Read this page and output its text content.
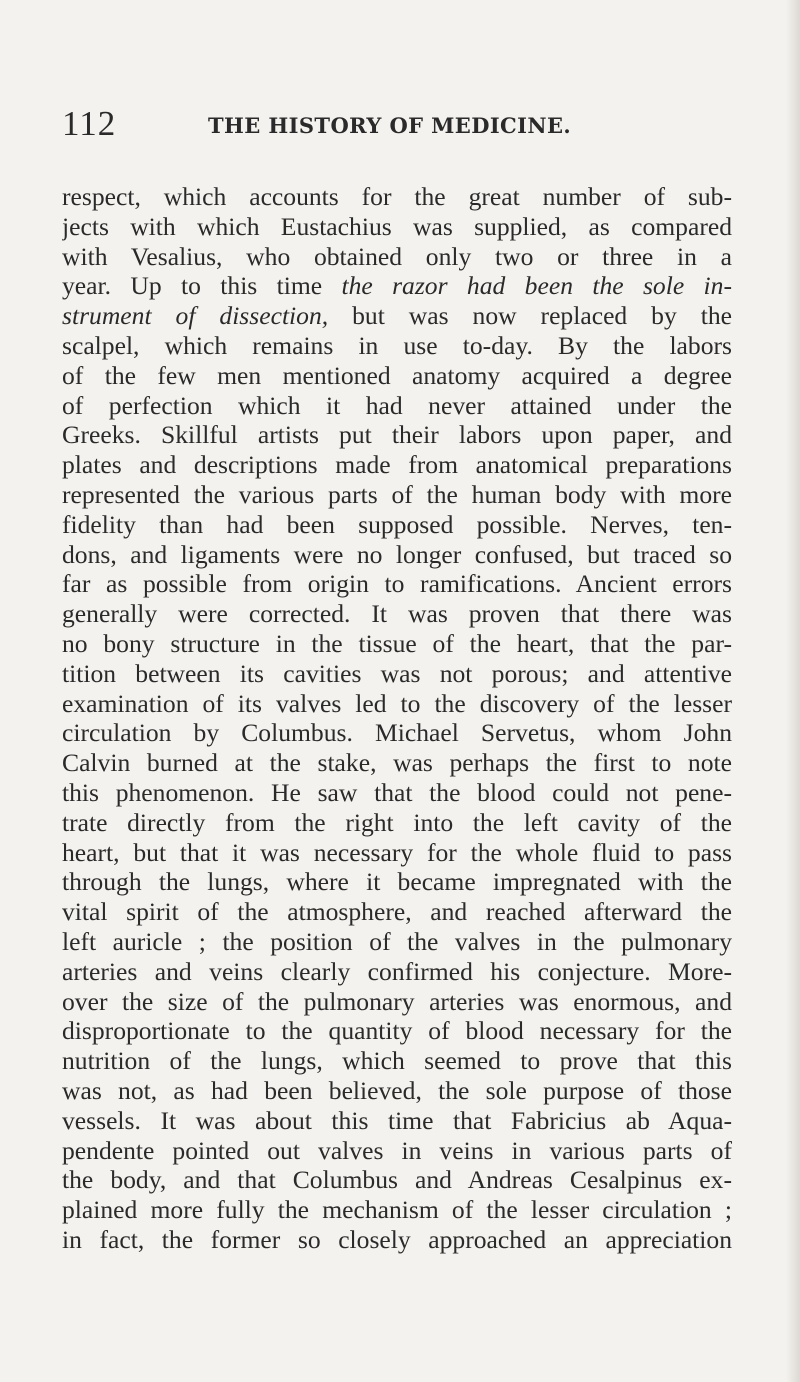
112	THE HISTORY OF MEDICINE.
respect, which accounts for the great number of sub-
jects with which Eustachius was supplied, as compared
with Vesalius, who obtained only two or three in a
year. Up to this time the razor had been the sole in-
strument of dissection, but was now replaced by the
scalpel, which remains in use to-day. By the labors
of the few men mentioned anatomy acquired a degree
of perfection which it had never attained under the
Greeks. Skillful artists put their labors upon paper, and
plates and descriptions made from anatomical preparations
represented the various parts of the human body with more
fidelity than had been supposed possible. Nerves, ten-
dons, and ligaments were no longer confused, but traced so
far as possible from origin to ramifications. Ancient errors
generally were corrected. It was proven that there was
no bony structure in the tissue of the heart, that the par-
tition between its cavities was not porous; and attentive
examination of its valves led to the discovery of the lesser
circulation by Columbus. Michael Servetus, whom John
Calvin burned at the stake, was perhaps the first to note
this phenomenon. He saw that the blood could not pene-
trate directly from the right into the left cavity of the
heart, but that it was necessary for the whole fluid to pass
through the lungs, where it became impregnated with the
vital spirit of the atmosphere, and reached afterward the
left auricle ; the position of the valves in the pulmonary
arteries and veins clearly confirmed his conjecture. More-
over the size of the pulmonary arteries was enormous, and
disproportionate to the quantity of blood necessary for the
nutrition of the lungs, which seemed to prove that this
was not, as had been believed, the sole purpose of those
vessels. It was about this time that Fabricius ab Aqua-
pendente pointed out valves in veins in various parts of
the body, and that Columbus and Andreas Cesalpinus ex-
plained more fully the mechanism of the lesser circulation ;
in fact, the former so closely approached an appreciation
